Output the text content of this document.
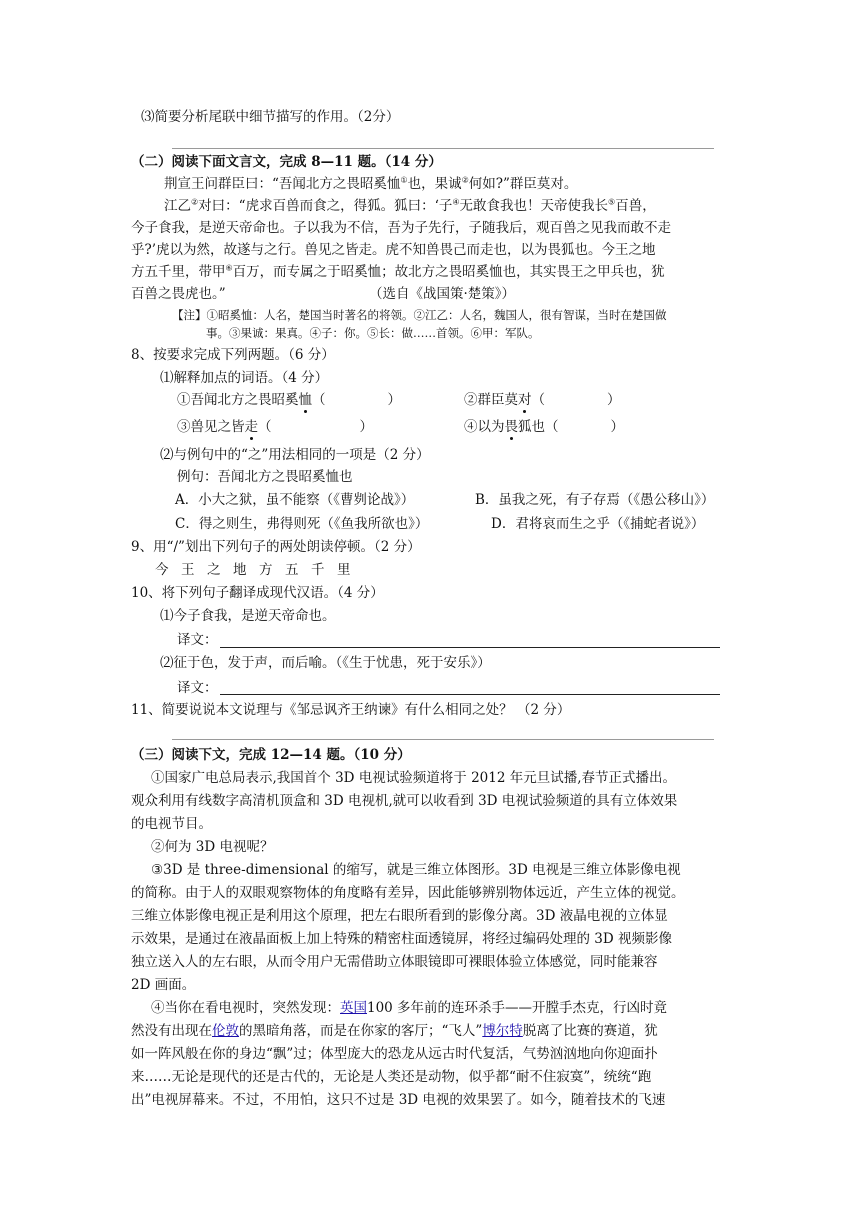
⑶简要分析尾联中细节描写的作用。（2分）
（二）阅读下面文言文，完成 8—11 题。（14 分）
荆宣王问群臣曰：“吾闻北方之畏昭奚恤①也，果诚②何如?”群臣莫对。
江乙②对曰：“虎求百兽而食之，得狐。狐曰：‘子④无敢食我也！天帝使我长⑤百兽，
今子食我，是逆天帝命也。子以我为不信，吾为子先行，子随我后，观百兽之见我而敢不走
乎?’虎以为然，故遂与之行。兽见之皆走。虎不知兽畏己而走也，以为畏狐也。今王之地
方五千里，带甲⑥百万，而专属之于昭奚恤；故北方之畏昭奚恤也，其实畏王之甲兵也，犹
百兽之畏虎也。”	（选自《战国策·楚策》）
【注】①昭奚恤：人名，楚国当时著名的将领。②江乙：人名，魏国人，很有智谋，当时在楚国做
事。③果诚：果真。④子：你。⑤长：做……首领。⑥甲：军队。
8、按要求完成下列两题。（6 分）
⑴解释加点的词语。（4 分）
①吾闻北方之畏昭奚恤（	）	②群臣莫对（	）
③兽见之皆走（	）	④以为畏狐也（	）
⑵与例句中的“之”用法相同的一项是（2 分）
例句：吾闻北方之畏昭奚恤也
A．小大之狱，虽不能察（《曹刿论战》）	B．虽我之死，有子存焉（《愚公移山》）
C．得之则生，弗得则死（《鱼我所欲也》）	D．君将哀而生之乎（《捕蛇者说》）
9、用“/”划出下列句子的两处朗读停顿。（2 分）
今 王 之 地 方 五 千 里
10、将下列句子翻译成现代汉语。（4 分）
⑴今子食我，是逆天帝命也。
译文：
⑵征于色，发于声，而后喻。（《生于忧患，死于安乐》）
译文：
11、简要说说本文说理与《邹忌讽齐王纳谏》有什么相同之处？ （2 分）
（三）阅读下文，完成 12—14 题。（10 分）
①国家广电总局表示,我国首个 3D 电视试验频道将于 2012 年元旦试播,春节正式播出。
观众利用有线数字高清机顶盒和 3D 电视机,就可以收看到 3D 电视试验频道的具有立体效果
的电视节目。
②何为 3D 电视呢？
③3D 是 three-dimensional 的缩写，就是三维立体图形。3D 电视是三维立体影像电视
的简称。由于人的双眼观察物体的角度略有差异，因此能够辨别物体远近，产生立体的视觉。
三维立体影像电视正是利用这个原理，把左右眼所看到的影像分离。3D 液晶电视的立体显
示效果，是通过在液晶面板上加上特殊的精密柱面透镜屏，将经过编码处理的 3D 视频影像
独立送入人的左右眼，从而令用户无需借助立体眼镜即可裸眼体验立体感觉，同时能兼容
2D 画面。
④当你在看电视时，突然发现：英国100 多年前的连环杀手——开膛手杰克，行凶时竟
然没有出现在伦敦的黑暗角落，而是在你家的客厅；“飞人”博尔特脱离了比赛的赛道，犹
如一阵风般在你的身边“飘”过；体型庞大的恐龙从远古时代复活，气势汹汹地向你迎面扑
来……无论是现代的还是古代的，无论是人类还是动物，似乎都“耐不住寂寞”，统统“跑
出”电视屏幕来。不过，不用怕，这只不过是 3D 电视的效果罢了。如今，随着技术的飞速
